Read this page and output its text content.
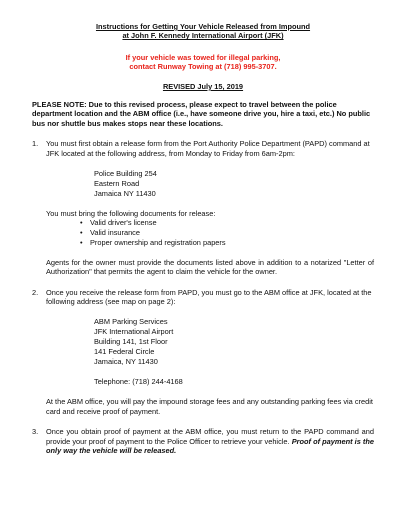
Instructions for Getting Your Vehicle Released from Impound
at John F. Kennedy International Airport (JFK)
If your vehicle was towed for illegal parking,
contact Runway Towing at (718) 995-3707.
REVISED July 15, 2019

PLEASE NOTE: Due to this revised process, please expect to travel between the police department location and the ABM office (i.e., have someone drive you, hire a taxi, etc.) No public bus nor shuttle bus makes stops near these locations.

1. You must first obtain a release form from the Port Authority Police Department (PAPD) command at JFK located at the following address, from Monday to Friday from 6am-2pm:

Police Building 254
Eastern Road
Jamaica NY 11430

You must bring the following documents for release:

• Valid driver's license
• Valid insurance
• Proper ownership and registration papers

Agents for the owner must provide the documents listed above in addition to a notarized "Letter of Authorization" that permits the agent to claim the vehicle for the owner.

2. Once you receive the release form from PAPD, you must go to the ABM office at JFK, located at the following address (see map on page 2):

ABM Parking Services
JFK International Airport
Building 141, 1st Floor
141 Federal Circle
Jamaica, NY 11430
Telephone: (718) 244-4168

At the ABM office, you will pay the impound storage fees and any outstanding parking fees via credit card and receive proof of payment.

3. Once you obtain proof of payment at the ABM office, you must return to the PAPD command and provide your proof of payment to the Police Officer to retrieve your vehicle. Proof of payment is the only way the vehicle will be released.
